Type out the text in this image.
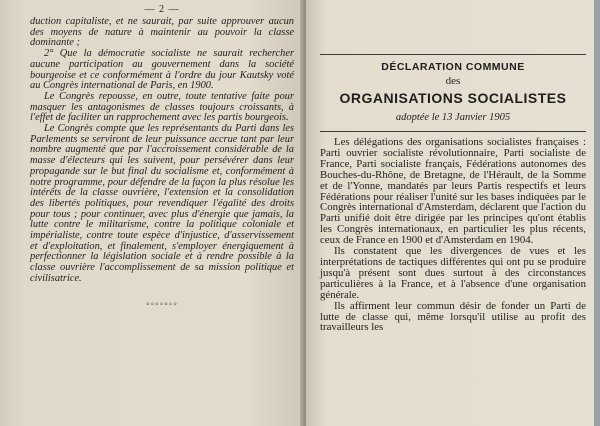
— 2 —

duction capitaliste, et ne saurait, par suite approuver aucun des moyens de nature à maintenir au pouvoir la classe dominante ;

2° Que la démocratie socialiste ne saurait rechercher aucune participation au gouvernement dans la société bourgeoise et ce conformément à l'ordre du jour Kautsky voté au Congrès international de Paris, en 1900.

Le Congrès repousse, en outre, toute tentative faite pour masquer les antagonismes de classes toujours croissants, à l'effet de faciliter un rapprochement avec les partis bourgeois.

Le Congrès compte que les représentants du Parti dans les Parlements se serviront de leur puissance accrue tant par leur nombre augmenté que par l'accroissement considérable de la masse d'électeurs qui les suivent, pour persévérer dans leur propagande sur le but final du socialisme et, conformément à notre programme, pour défendre de la façon la plus résolue les intérêts de la classe ouvrière, l'extension et la consolidation des libertés politiques, pour revendiquer l'égalité des droits pour tous ; pour continuer, avec plus d'énergie que jamais, la lutte contre le militarisme, contre la politique coloniale et impérialiste, contre toute espèce d'injustice, d'asservissement et d'exploitation, et finalement, s'employer énergiquement à perfectionner la législation sociale et à rendre possible à la classe ouvrière l'accomplissement de sa mission politique et civilisatrice.

◦◦◦◦◦◦◦
DÉCLARATION COMMUNE
des
ORGANISATIONS SOCIALISTES
adoptée le 13 Janvier 1905

Les délégations des organisations socialistes françaises : Parti ouvrier socialiste révolutionnaire, Parti socialiste de France, Parti socialiste français, Fédérations autonomes des Bouches-du-Rhône, de Bretagne, de l'Hérault, de la Somme et de l'Yonne, mandatés par leurs Partis respectifs et leurs Fédérations pour réaliser l'unité sur les bases indiquées par le Congrès international d'Amsterdam, déclarent que l'action du Parti unifié doit être dirigée par les principes qu'ont établis les Congrès internationaux, en particulier les plus récents, ceux de France en 1900 et d'Amsterdam en 1904.

Ils constatent que les divergences de vues et les interprétations de tactiques différentes qui ont pu se produire jusqu'à présent sont dues surtout à des circonstances particulières à la France, et à l'absence d'une organisation générale.

Ils affirment leur commun désir de fonder un Parti de lutte de classe qui, même lorsqu'il utilise au profit des travailleurs les
